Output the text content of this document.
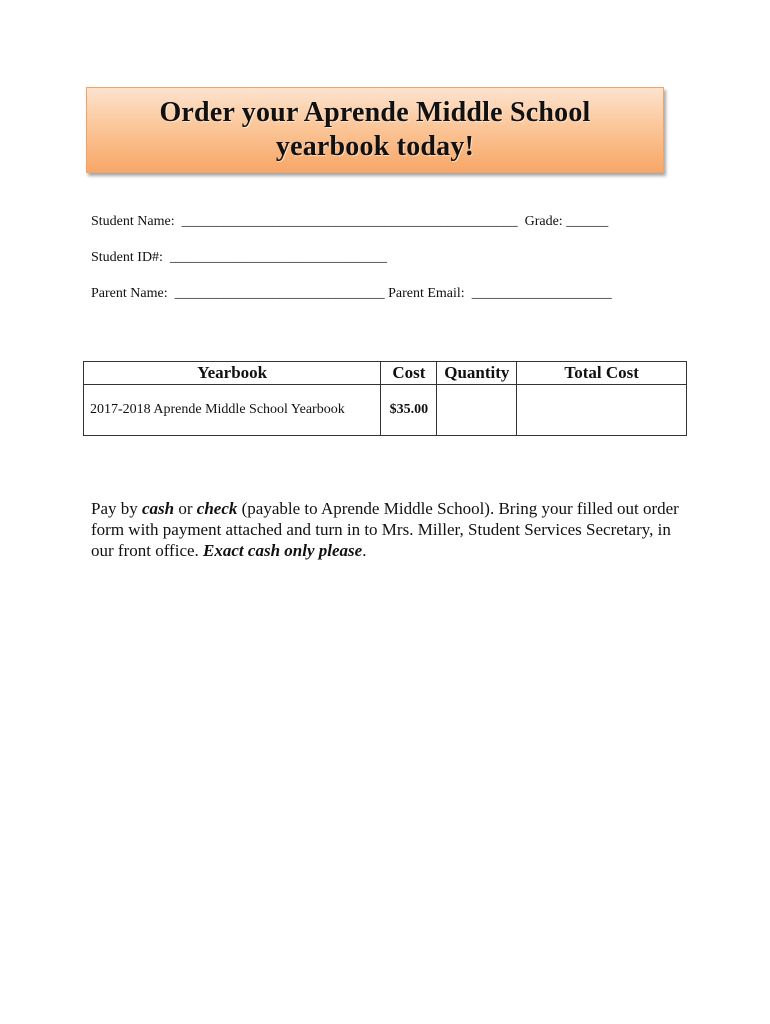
Order your Aprende Middle School
yearbook today!
Student Name: ________________________________________________ Grade: ______
Student ID#: _______________________________
Parent Name: ______________________________ Parent Email: ____________________
Yearbook	Cost	Quantity	Total Cost
2017-2018 Aprende Middle School Yearbook	$35.00		

Pay by cash or check (payable to Aprende Middle School). Bring your filled out order form with payment attached and turn in to Mrs. Miller, Student Services Secretary, in our front office. Exact cash only please.
